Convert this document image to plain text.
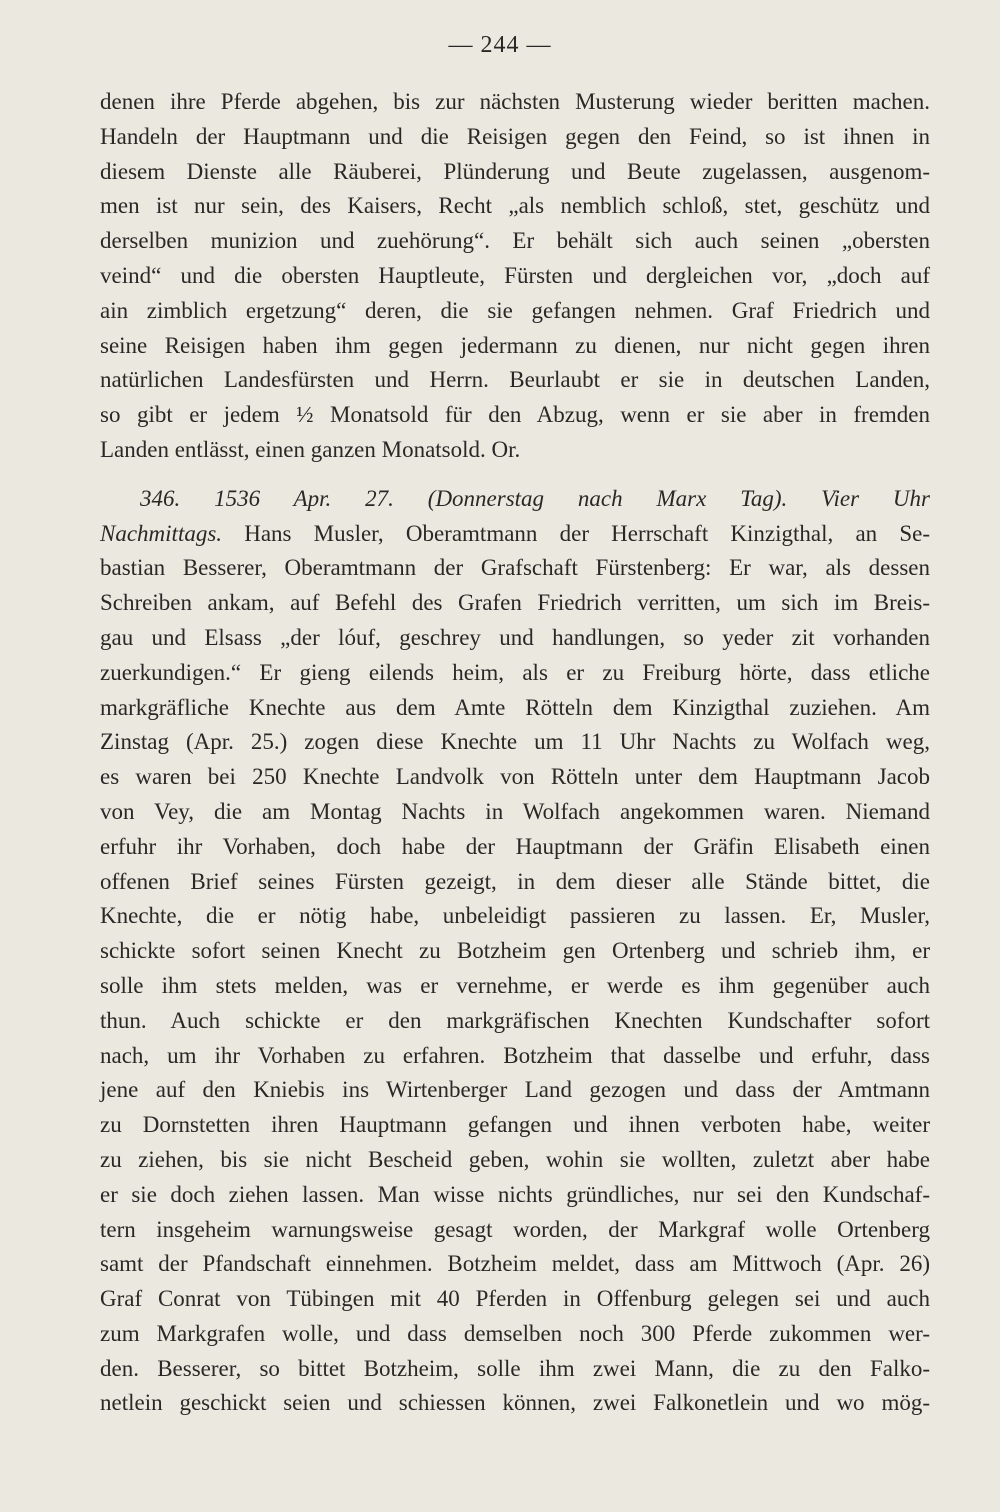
— 244 —
denen ihre Pferde abgehen, bis zur nächsten Musterung wieder beritten machen.
Handeln der Hauptmann und die Reisigen gegen den Feind, so ist ihnen in
diesem Dienste alle Räuberei, Plünderung und Beute zugelassen, ausgenom-
men ist nur sein, des Kaisers, Recht „als nemblich schloß, stet, geschütz und
derselben munizion und zuehörung“. Er behält sich auch seinen „obersten
veind“ und die obersten Hauptleute, Fürsten und dergleichen vor, „doch auf
ain zimblich ergetzung“ deren, die sie gefangen nehmen. Graf Friedrich und
seine Reisigen haben ihm gegen jedermann zu dienen, nur nicht gegen ihren
natürlichen Landesfürsten und Herrn. Beurlaubt er sie in deutschen Landen,
so gibt er jedem ½ Monatsold für den Abzug, wenn er sie aber in fremden
Landen entlässt, einen ganzen Monatsold. Or.
346. 1536 Apr. 27. (Donnerstag nach Marx Tag). Vier Uhr
Nachmittags. Hans Musler, Oberamtmann der Herrschaft Kinzigthal, an Se-
bastian Besserer, Oberamtmann der Grafschaft Fürstenberg: Er war, als dessen
Schreiben ankam, auf Befehl des Grafen Friedrich verritten, um sich im Breis-
gau und Elsass „der lóuf, geschrey und handlungen, so yeder zit vorhanden
zuerkundigen.“ Er gieng eilends heim, als er zu Freiburg hörte, dass etliche
markgräfliche Knechte aus dem Amte Rötteln dem Kinzigthal zuziehen. Am
Zinstag (Apr. 25.) zogen diese Knechte um 11 Uhr Nachts zu Wolfach weg,
es waren bei 250 Knechte Landvolk von Rötteln unter dem Hauptmann Jacob
von Vey, die am Montag Nachts in Wolfach angekommen waren. Niemand
erfuhr ihr Vorhaben, doch habe der Hauptmann der Gräfin Elisabeth einen
offenen Brief seines Fürsten gezeigt, in dem dieser alle Stände bittet, die
Knechte, die er nötig habe, unbeleidigt passieren zu lassen. Er, Musler,
schickte sofort seinen Knecht zu Botzheim gen Ortenberg und schrieb ihm, er
solle ihm stets melden, was er vernehme, er werde es ihm gegenüber auch
thun. Auch schickte er den markgräfischen Knechten Kundschafter sofort
nach, um ihr Vorhaben zu erfahren. Botzheim that dasselbe und erfuhr, dass
jene auf den Kniebis ins Wirtenberger Land gezogen und dass der Amtmann
zu Dornstetten ihren Hauptmann gefangen und ihnen verboten habe, weiter
zu ziehen, bis sie nicht Bescheid geben, wohin sie wollten, zuletzt aber habe
er sie doch ziehen lassen. Man wisse nichts gründliches, nur sei den Kundschaf-
tern insgeheim warnungsweise gesagt worden, der Markgraf wolle Ortenberg
samt der Pfandschaft einnehmen. Botzheim meldet, dass am Mittwoch (Apr. 26)
Graf Conrat von Tübingen mit 40 Pferden in Offenburg gelegen sei und auch
zum Markgrafen wolle, und dass demselben noch 300 Pferde zukommen wer-
den. Besserer, so bittet Botzheim, solle ihm zwei Mann, die zu den Falko-
netlein geschickt seien und schiessen können, zwei Falkonetlein und wo mög-
